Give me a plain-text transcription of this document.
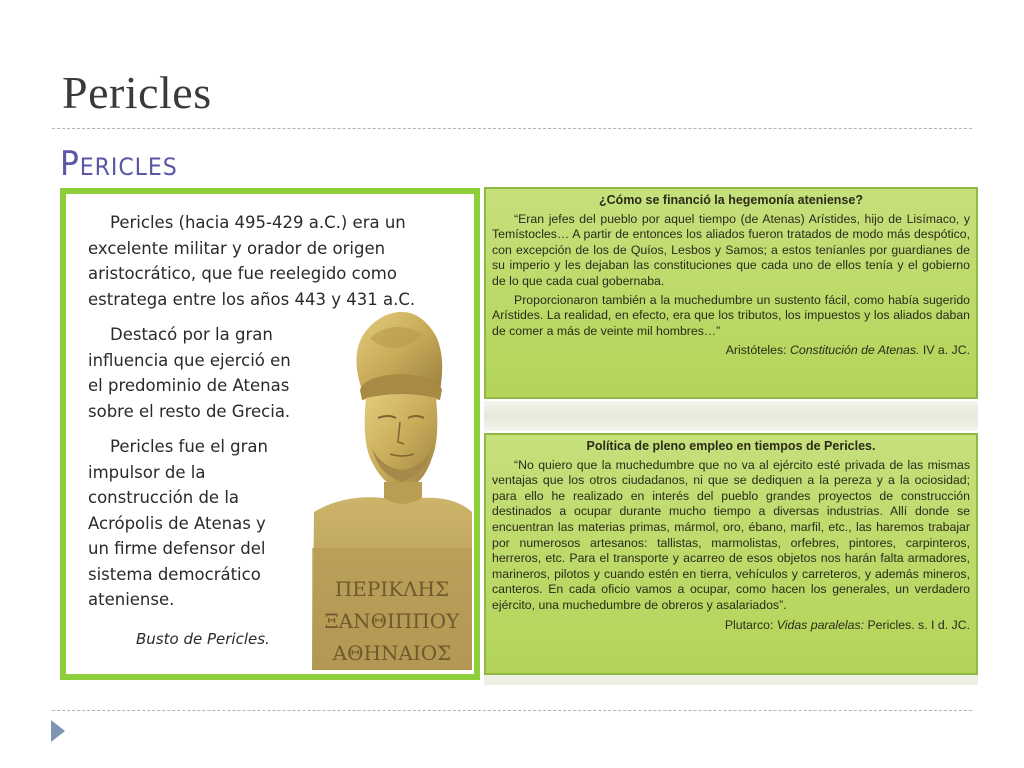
Pericles
Pericles

Pericles (hacia 495-429 a.C.) era un excelente militar y orador de origen aristocrático, que fue reelegido como estratega entre los años 443 y 431 a.C.

Destacó por la gran influencia que ejerció en el predominio de Atenas sobre el resto de Grecia.

Pericles fue el gran impulsor de la construcción de la Acrópolis de Atenas y un firme defensor del sistema democrático ateniense.	ΠΕΡΙΚΛΗΣ
ΞΑΝΘΙΠΠΟΥ
ΑΘΗΝΑΙΟΣ
Busto de Pericles.

¿Cómo se financió la hegemonía ateniense?

“Eran jefes del pueblo por aquel tiempo (de Atenas) Arístides, hijo de Lisímaco, y Temístocles… A partir de entonces los aliados fueron tratados de modo más despótico, con excepción de los de Quíos, Lesbos y Samos; a estos teníanles por guardianes de su imperio y les dejaban las constituciones que cada uno de ellos tenía y el gobierno de lo que cada cual gobernaba.

Proporcionaron también a la muchedumbre un sustento fácil, como había sugerido Arístides. La realidad, en efecto, era que los tributos, los impuestos y los aliados daban de comer a más de veinte mil hombres…”

Aristóteles: Constitución de Atenas. IV a. JC.

Política de pleno empleo en tiempos de Pericles.

“No quiero que la muchedumbre que no va al ejército esté privada de las mismas ventajas que los otros ciudadanos, ni que se dediquen a la pereza y a la ociosidad; para ello he realizado en interés del pueblo grandes proyectos de construcción destinados a ocupar durante mucho tiempo a diversas industrias. Allí donde se encuentran las materias primas, mármol, oro, ébano, marfil, etc., las haremos trabajar por numerosos artesanos: tallistas, marmolistas, orfebres, pintores, carpinteros, herreros, etc. Para el transporte y acarreo de esos objetos nos harán falta armadores, marineros, pilotos y cuando estén en tierra, vehículos y carreteros, y además mineros, canteros. En cada oficio vamos a ocupar, como hacen los generales, un verdadero ejército, una muchedumbre de obreros y asalariados”.

Plutarco: Vidas paralelas: Pericles. s. I d. JC.
